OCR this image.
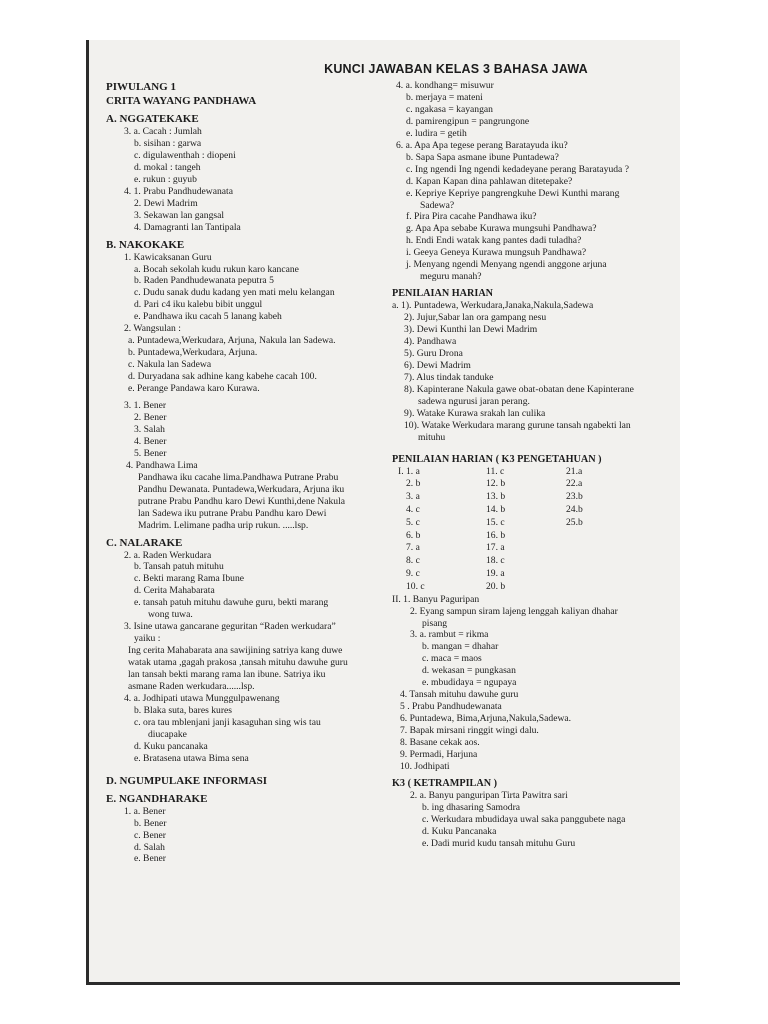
KUNCI JAWABAN KELAS 3 BAHASA JAWA
PIWULANG 1
CRITA WAYANG PANDHAWA
A. NGGATEKAKE
3. a. Cacah : Jumlah
b. sisihan : garwa
c. digulawenthah : diopeni
d. mokal : tangeh
e. rukun : guyub
4. 1. Prabu Pandhudewanata
2. Dewi Madrim
3. Sekawan lan gangsal
4. Damagranti lan Tantipala
B. NAKOKAKE
1. Kawicaksanan Guru
a. Bocah sekolah kudu rukun karo kancane
b. Raden Pandhudewanata peputra 5
c. Dudu sanak dudu kadang yen mati melu kelangan
d. Pari c4 iku kalebu bibit unggul
e. Pandhawa iku cacah 5 lanang kabeh
2. Wangsulan :
a. Puntadewa,Werkudara, Arjuna, Nakula lan Sadewa.
b. Puntadewa,Werkudara, Arjuna.
c. Nakula lan Sadewa
d. Duryadana sak adhine kang kabehe cacah 100.
e. Perange Pandawa karo Kurawa.
3. 1. Bener
2. Bener
3. Salah
4. Bener
5. Bener
4. Pandhawa Lima
Pandhawa iku cacahe lima.Pandhawa Putrane Prabu
Pandhu Dewanata. Puntadewa,Werkudara, Arjuna iku
putrane Prabu Pandhu karo Dewi Kunthi,dene Nakula
lan Sadewa iku putrane Prabu Pandhu karo Dewi
Madrim. Lelimane padha urip rukun. .....lsp.
C. NALARAKE
2. a. Raden Werkudara
b. Tansah patuh mituhu
c. Bekti marang Rama Ibune
d. Cerita Mahabarata
e. tansah patuh mituhu dawuhe guru, bekti marang
wong tuwa.
3. Isine utawa gancarane geguritan “Raden werkudara”
yaiku :
Ing cerita Mahabarata ana sawijining satriya kang duwe
watak utama ,gagah prakosa ,tansah mituhu dawuhe guru
lan tansah bekti marang rama lan ibune. Satriya iku
asmane Raden werkudara......lsp.
4. a. Jodhipati utawa Munggulpawenang
b. Blaka suta, bares kures
c. ora tau mblenjani janji kasaguhan sing wis tau
diucapake
d. Kuku pancanaka
e. Bratasena utawa Bima sena
D. NGUMPULAKE INFORMASI
E. NGANDHARAKE
1. a. Bener
b. Bener
c. Bener
d. Salah
e. Bener
4. a. kondhang= misuwur
b. merjaya = mateni
c. ngakasa = kayangan
d. pamirengipun = pangrungone
e. ludira = getih
6. a. Apa Apa tegese perang Baratayuda iku?
b. Sapa Sapa asmane ibune Puntadewa?
c. Ing ngendi Ing ngendi kedadeyane perang Baratayuda ?
d. Kapan Kapan dina pahlawan ditetepake?
e. Kepriye Kepriye pangrengkuhe Dewi Kunthi marang
Sadewa?
f. Pira Pira cacahe Pandhawa iku?
g. Apa Apa sebabe Kurawa mungsuhi Pandhawa?
h. Endi Endi watak kang pantes dadi tuladha?
i. Geeya Geneya Kurawa mungsuh Pandhawa?
j. Menyang ngendi Menyang ngendi anggone arjuna
meguru manah?
PENILAIAN HARIAN
a. 1). Puntadewa, Werkudara,Janaka,Nakula,Sadewa
2). Jujur,Sabar lan ora gampang nesu
3). Dewi Kunthi lan Dewi Madrim
4). Pandhawa
5). Guru Drona
6). Dewi Madrim
7). Alus tindak tanduke
8). Kapinterane Nakula gawe obat-obatan dene Kapinterane
sadewa ngurusi jaran perang.
9). Watake Kurawa srakah lan culika
10). Watake Werkudara marang gurune tansah ngabekti lan
mituhu
PENILAIAN HARIAN ( K3 PENGETAHUAN )
I. 1. a	11. c	21.a
2. b	12. b	22.a
3. a	13. b	23.b
4. c	14. b	24.b
5. c	15. c	25.b
6. b	16. b
7. a	17. a
8. c	18. c
9. c	19. a
10. c	20. b
II. 1. Banyu Paguripan
2. Eyang sampun siram lajeng lenggah kaliyan dhahar
pisang
3. a. rambut = rikma
b. mangan = dhahar
c. maca = maos
d. wekasan = pungkasan
e. mbudidaya = ngupaya
4. Tansah mituhu dawuhe guru
5 . Prabu Pandhudewanata
6. Puntadewa, Bima,Arjuna,Nakula,Sadewa.
7. Bapak mirsani ringgit wingi dalu.
8. Basane cekak aos.
9. Permadi, Harjuna
10. Jodhipati
K3 ( KETRAMPILAN )
2. a. Banyu panguripan Tirta Pawitra sari
b. ing dhasaring Samodra
c. Werkudara mbudidaya uwal saka panggubete naga
d. Kuku Pancanaka
e. Dadi murid kudu tansah mituhu Guru
